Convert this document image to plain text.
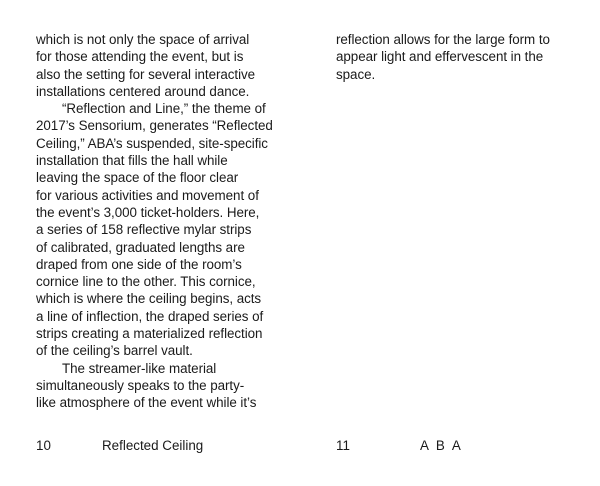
which is not only the space of arrival
for those attending the event, but is
also the setting for several interactive
installations centered around dance.

“Reflection and Line,” the theme of
2017’s Sensorium, generates “Reflected
Ceiling,” ABA’s suspended, site-specific
installation that fills the hall while
leaving the space of the floor clear
for various activities and movement of
the event’s 3,000 ticket-holders. Here,
a series of 158 reflective mylar strips
of calibrated, graduated lengths are
draped from one side of the room’s
cornice line to the other. This cornice,
which is where the ceiling begins, acts
a line of inflection, the draped series of
strips creating a materialized reflection
of the ceiling’s barrel vault.

The streamer-like material
simultaneously speaks to the party-
like atmosphere of the event while it’s

10	Reflected Ceiling

reflection allows for the large form to
appear light and effervescent in the
space.

11	A B A
